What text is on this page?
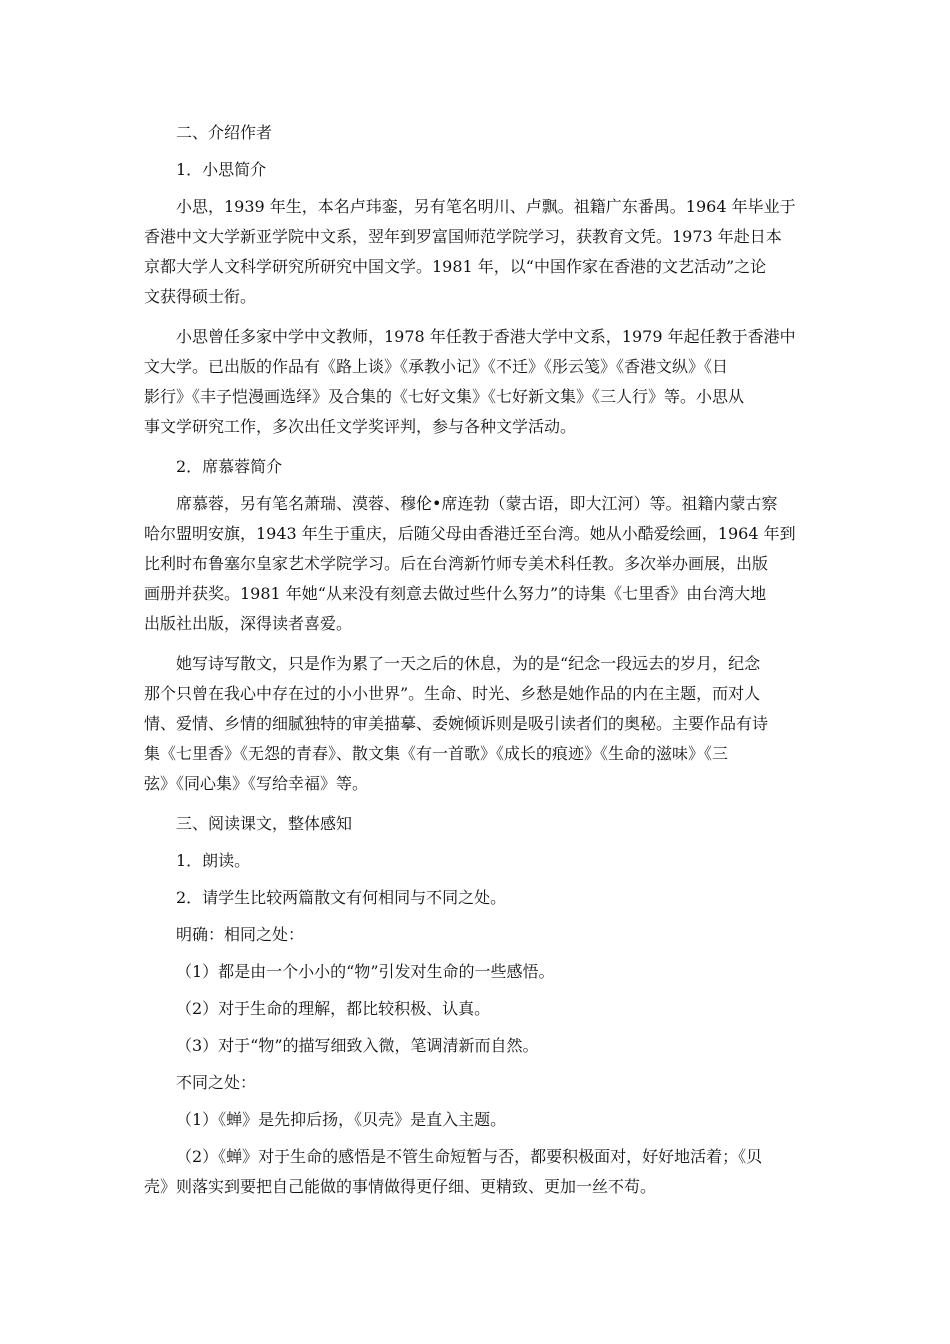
二、介绍作者
1．小思简介
小思，1939 年生，本名卢玮銮，另有笔名明川、卢飘。祖籍广东番禺。1964 年毕业于
香港中文大学新亚学院中文系，翌年到罗富国师范学院学习，获教育文凭。1973 年赴日本
京都大学人文科学研究所研究中国文学。1981 年，以“中国作家在香港的文艺活动”之论
文获得硕士衔。
小思曾任多家中学中文教师，1978 年任教于香港大学中文系，1979 年起任教于香港中
文大学。已出版的作品有《路上谈》《承教小记》《不迁》《彤云笺》《香港文纵》《日
影行》《丰子恺漫画选绎》及合集的《七好文集》《七好新文集》《三人行》等。小思从
事文学研究工作，多次出任文学奖评判，参与各种文学活动。
2．席慕蓉简介
席慕蓉，另有笔名萧瑞、漠蓉、穆伦•席连勃（蒙古语，即大江河）等。祖籍内蒙古察
哈尔盟明安旗，1943 年生于重庆，后随父母由香港迁至台湾。她从小酷爱绘画，1964 年到
比利时布鲁塞尔皇家艺术学院学习。后在台湾新竹师专美术科任教。多次举办画展，出版
画册并获奖。1981 年她“从来没有刻意去做过些什么努力”的诗集《七里香》由台湾大地
出版社出版，深得读者喜爱。
她写诗写散文，只是作为累了一天之后的休息，为的是“纪念一段远去的岁月，纪念
那个只曾在我心中存在过的小小世界”。生命、时光、乡愁是她作品的内在主题，而对人
情、爱情、乡情的细腻独特的审美描摹、委婉倾诉则是吸引读者们的奥秘。主要作品有诗
集《七里香》《无怨的青春》、散文集《有一首歌》《成长的痕迹》《生命的滋味》《三
弦》《同心集》《写给幸福》等。
三、阅读课文，整体感知
1．朗读。
2．请学生比较两篇散文有何相同与不同之处。
明确：相同之处：
（1）都是由一个小小的“物”引发对生命的一些感悟。
（2）对于生命的理解，都比较积极、认真。
（3）对于“物”的描写细致入微，笔调清新而自然。
不同之处：
（1）《蝉》是先抑后扬，《贝壳》是直入主题。
（2）《蝉》对于生命的感悟是不管生命短暂与否，都要积极面对，好好地活着；《贝
壳》则落实到要把自己能做的事情做得更仔细、更精致、更加一丝不苟。
